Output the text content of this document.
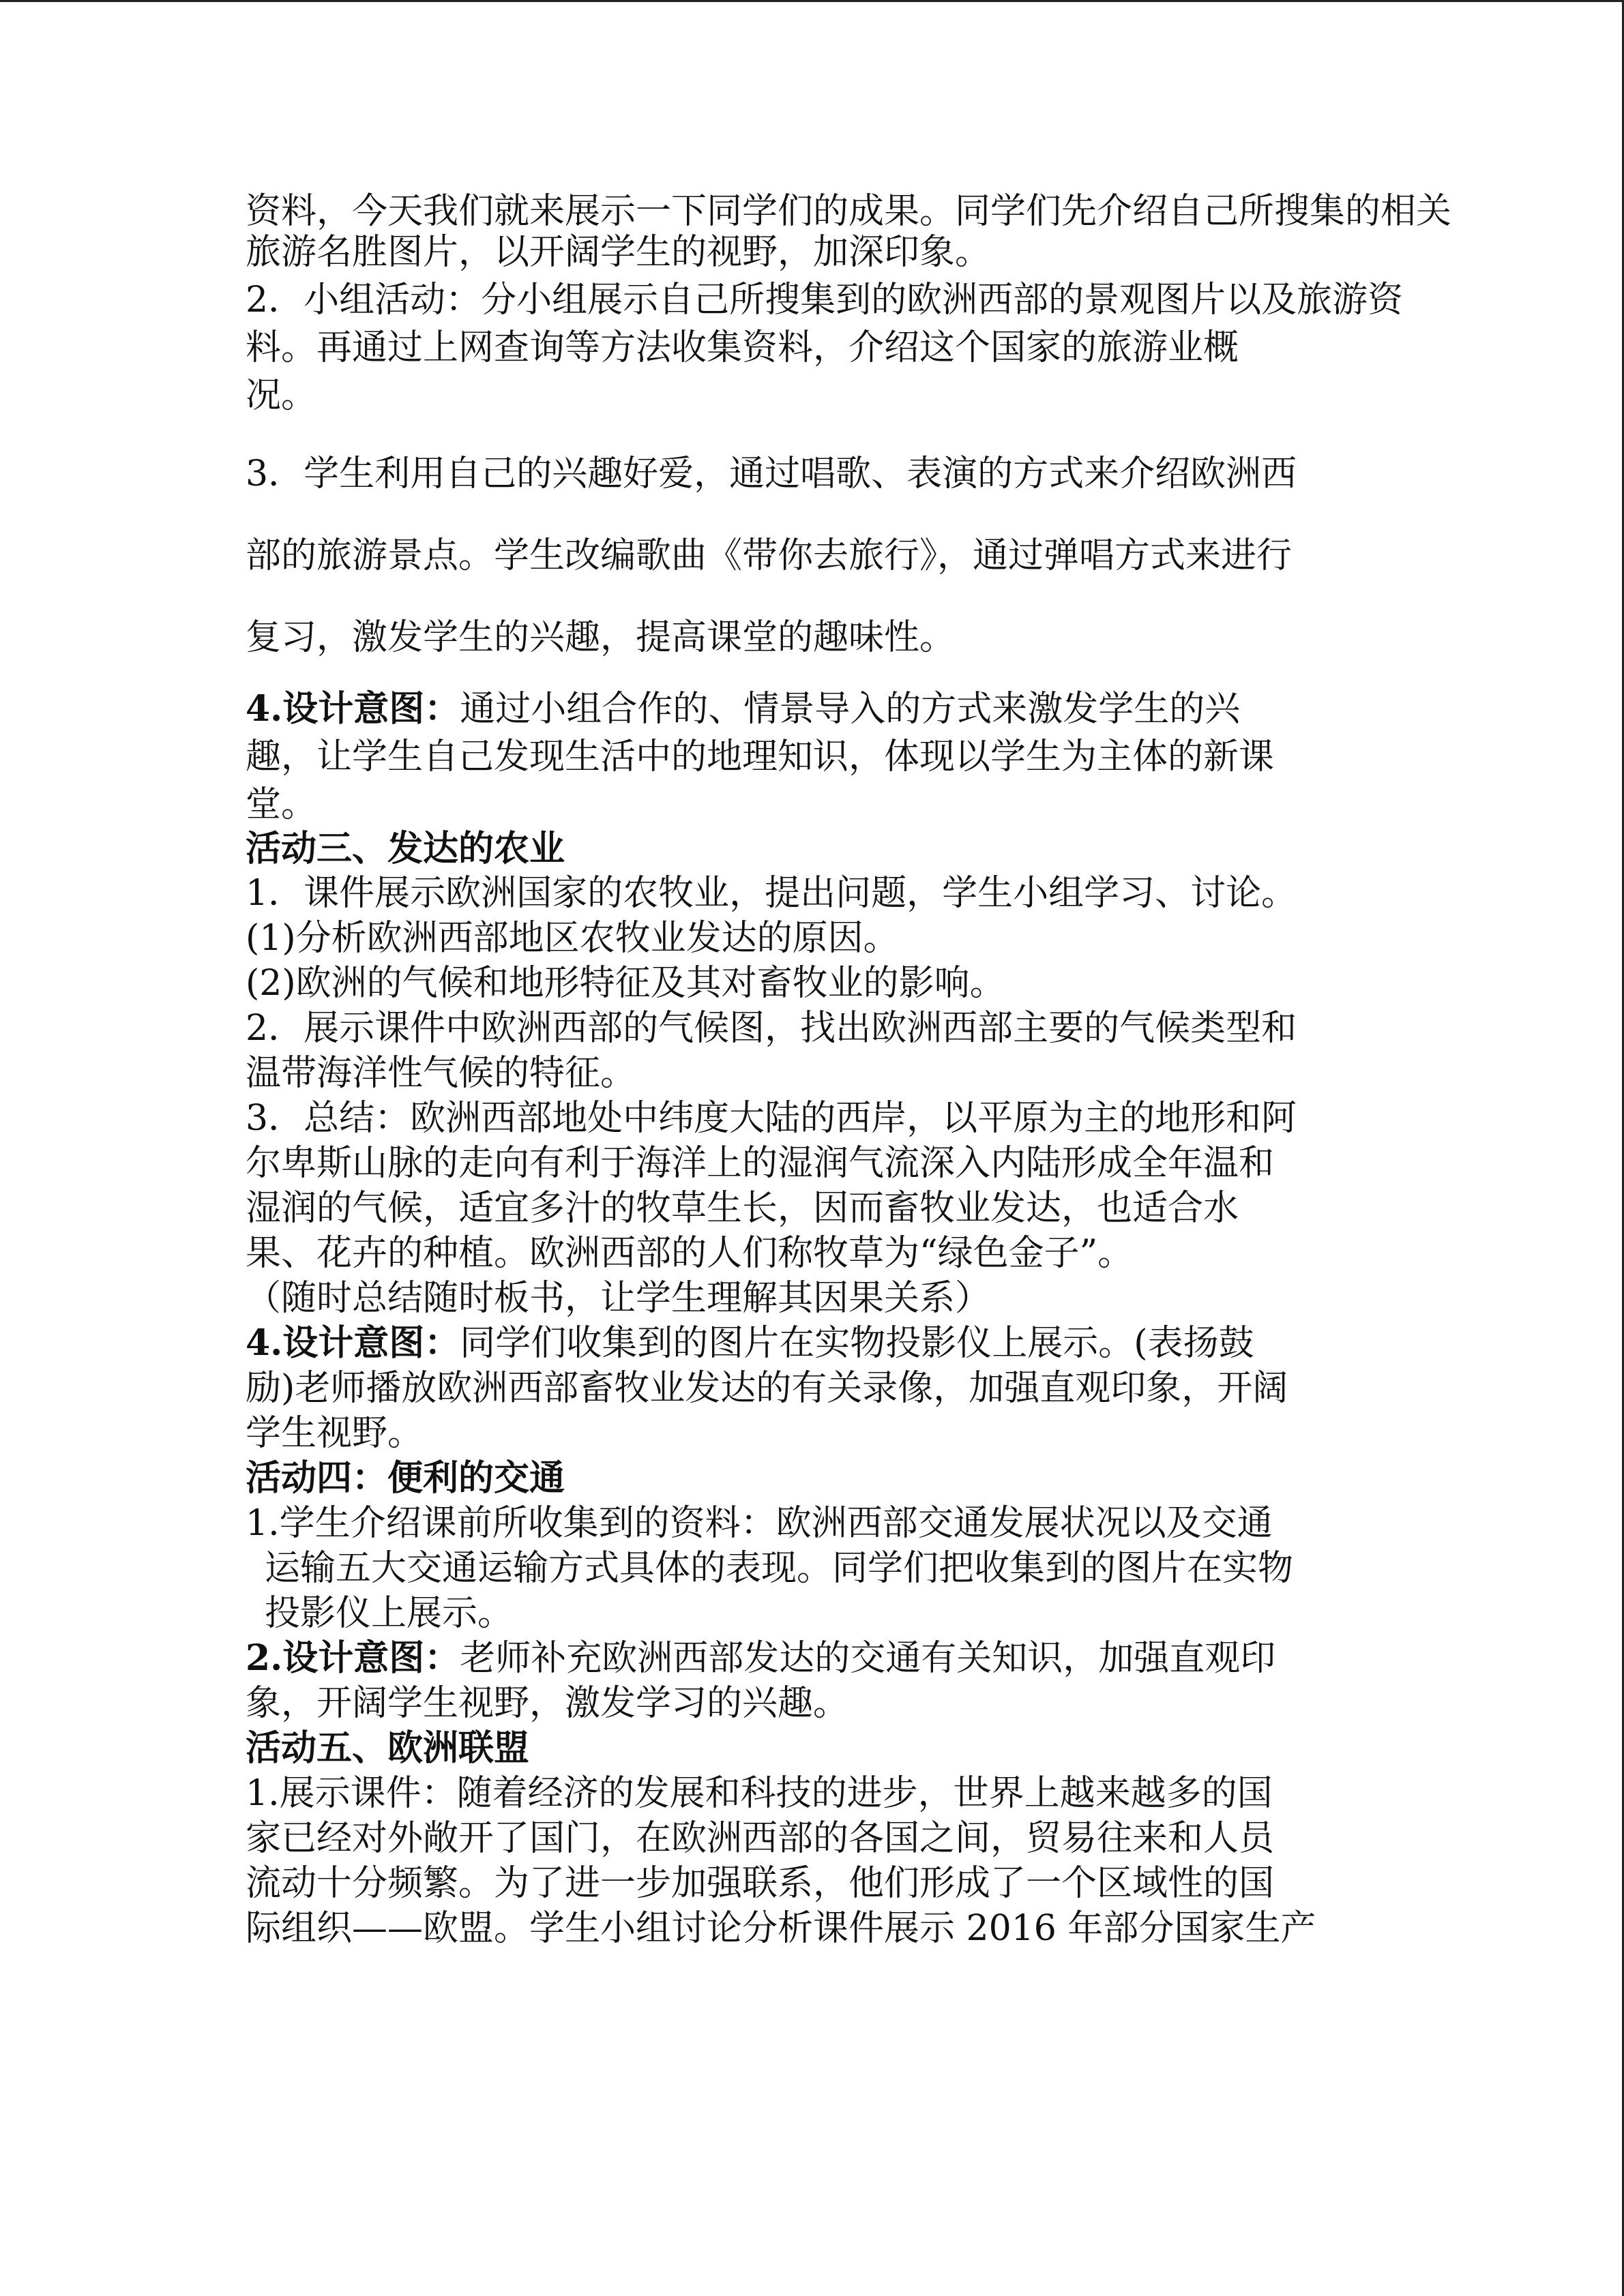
资料，今天我们就来展示一下同学们的成果。同学们先介绍自己所搜集的相关
旅游名胜图片，以开阔学生的视野，加深印象。
2．小组活动：分小组展示自己所搜集到的欧洲西部的景观图片以及旅游资
料。再通过上网查询等方法收集资料，介绍这个国家的旅游业概
况。
3．学生利用自己的兴趣好爱，通过唱歌、表演的方式来介绍欧洲西
部的旅游景点。学生改编歌曲《带你去旅行》，通过弹唱方式来进行
复习，激发学生的兴趣，提高课堂的趣味性。
4.设计意图：通过小组合作的、情景导入的方式来激发学生的兴
趣，让学生自己发现生活中的地理知识，体现以学生为主体的新课
堂。
活动三、发达的农业
1．课件展示欧洲国家的农牧业，提出问题，学生小组学习、讨论。
(1)分析欧洲西部地区农牧业发达的原因。
(2)欧洲的气候和地形特征及其对畜牧业的影响。
2．展示课件中欧洲西部的气候图，找出欧洲西部主要的气候类型和
温带海洋性气候的特征。
3．总结：欧洲西部地处中纬度大陆的西岸，以平原为主的地形和阿
尔卑斯山脉的走向有利于海洋上的湿润气流深入内陆形成全年温和
湿润的气候，适宜多汁的牧草生长，因而畜牧业发达，也适合水
果、花卉的种植。欧洲西部的人们称牧草为“绿色金子”。
（随时总结随时板书，让学生理解其因果关系）
4.设计意图：同学们收集到的图片在实物投影仪上展示。(表扬鼓
励)老师播放欧洲西部畜牧业发达的有关录像，加强直观印象，开阔
学生视野。
活动四：便利的交通
1.学生介绍课前所收集到的资料：欧洲西部交通发展状况以及交通
运输五大交通运输方式具体的表现。同学们把收集到的图片在实物
投影仪上展示。
2.设计意图：老师补充欧洲西部发达的交通有关知识，加强直观印
象，开阔学生视野，激发学习的兴趣。
活动五、欧洲联盟
1.展示课件：随着经济的发展和科技的进步，世界上越来越多的国
家已经对外敞开了国门，在欧洲西部的各国之间，贸易往来和人员
流动十分频繁。为了进一步加强联系，他们形成了一个区域性的国
际组织——欧盟。学生小组讨论分析课件展示 2016 年部分国家生产
